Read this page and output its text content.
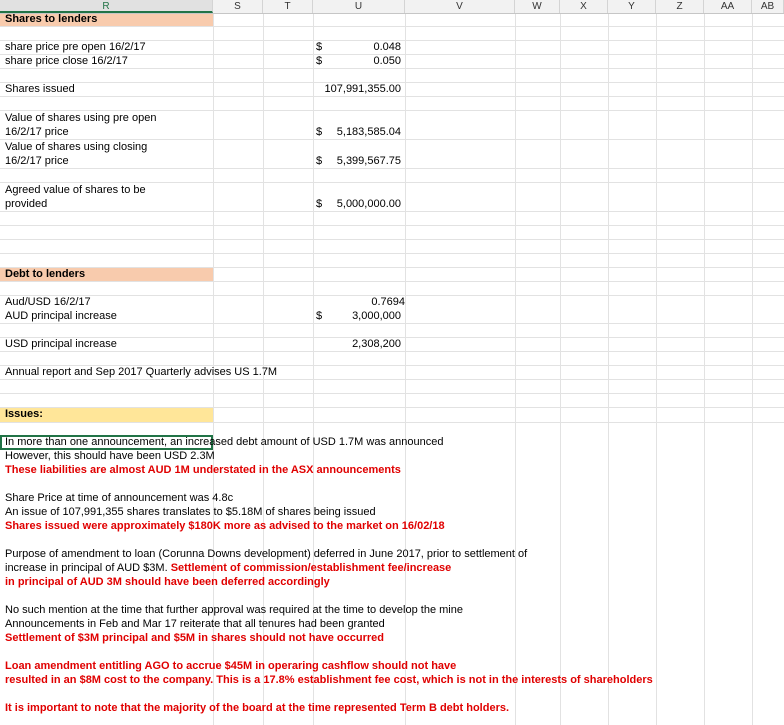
R	S	T	U	V	W	X	Y	Z	AA	AB
Shares to lenders
share price pre open 16/2/17	$	0.048
share price close 16/2/17	$	0.050
Shares issued	107,991,355.00
Value of shares using pre open
16/2/17 price	$	5,183,585.04
Value of shares using closing
16/2/17 price	$	5,399,567.75
Agreed value of shares to be
provided	$	5,000,000.00
Debt to lenders
Aud/USD 16/2/17	0.7694
AUD principal increase	$	3,000,000
USD principal increase	2,308,200
Annual report and Sep 2017 Quarterly advises US 1.7M
Issues:
In more than one announcement, an increased debt amount of USD 1.7M was announced
However, this should have been USD 2.3M
These liabilities are almost AUD 1M understated in the ASX announcements
Share Price at time of announcement was 4.8c
An issue of 107,991,355 shares translates to $5.18M of shares being issued
Shares issued were approximately $180K more as advised to the market on 16/02/18
Purpose of amendment to loan (Corunna Downs development) deferred in June 2017, prior to settlement of
increase in principal of AUD $3M. Settlement of commission/establishment fee/increase
in principal of AUD 3M should have been deferred accordingly
No such mention at the time that further approval was required at the time to develop the mine
Announcements in Feb and Mar 17 reiterate that all tenures had been granted
Settlement of $3M principal and $5M in shares should not have occurred
Loan amendment entitling AGO to accrue $45M in operaring cashflow should not have
resulted in an $8M cost to the company. This is a 17.8% establishment fee cost, which is not in the interests of shareholders
It is important to note that the majority of the board at the time represented Term B debt holders.
